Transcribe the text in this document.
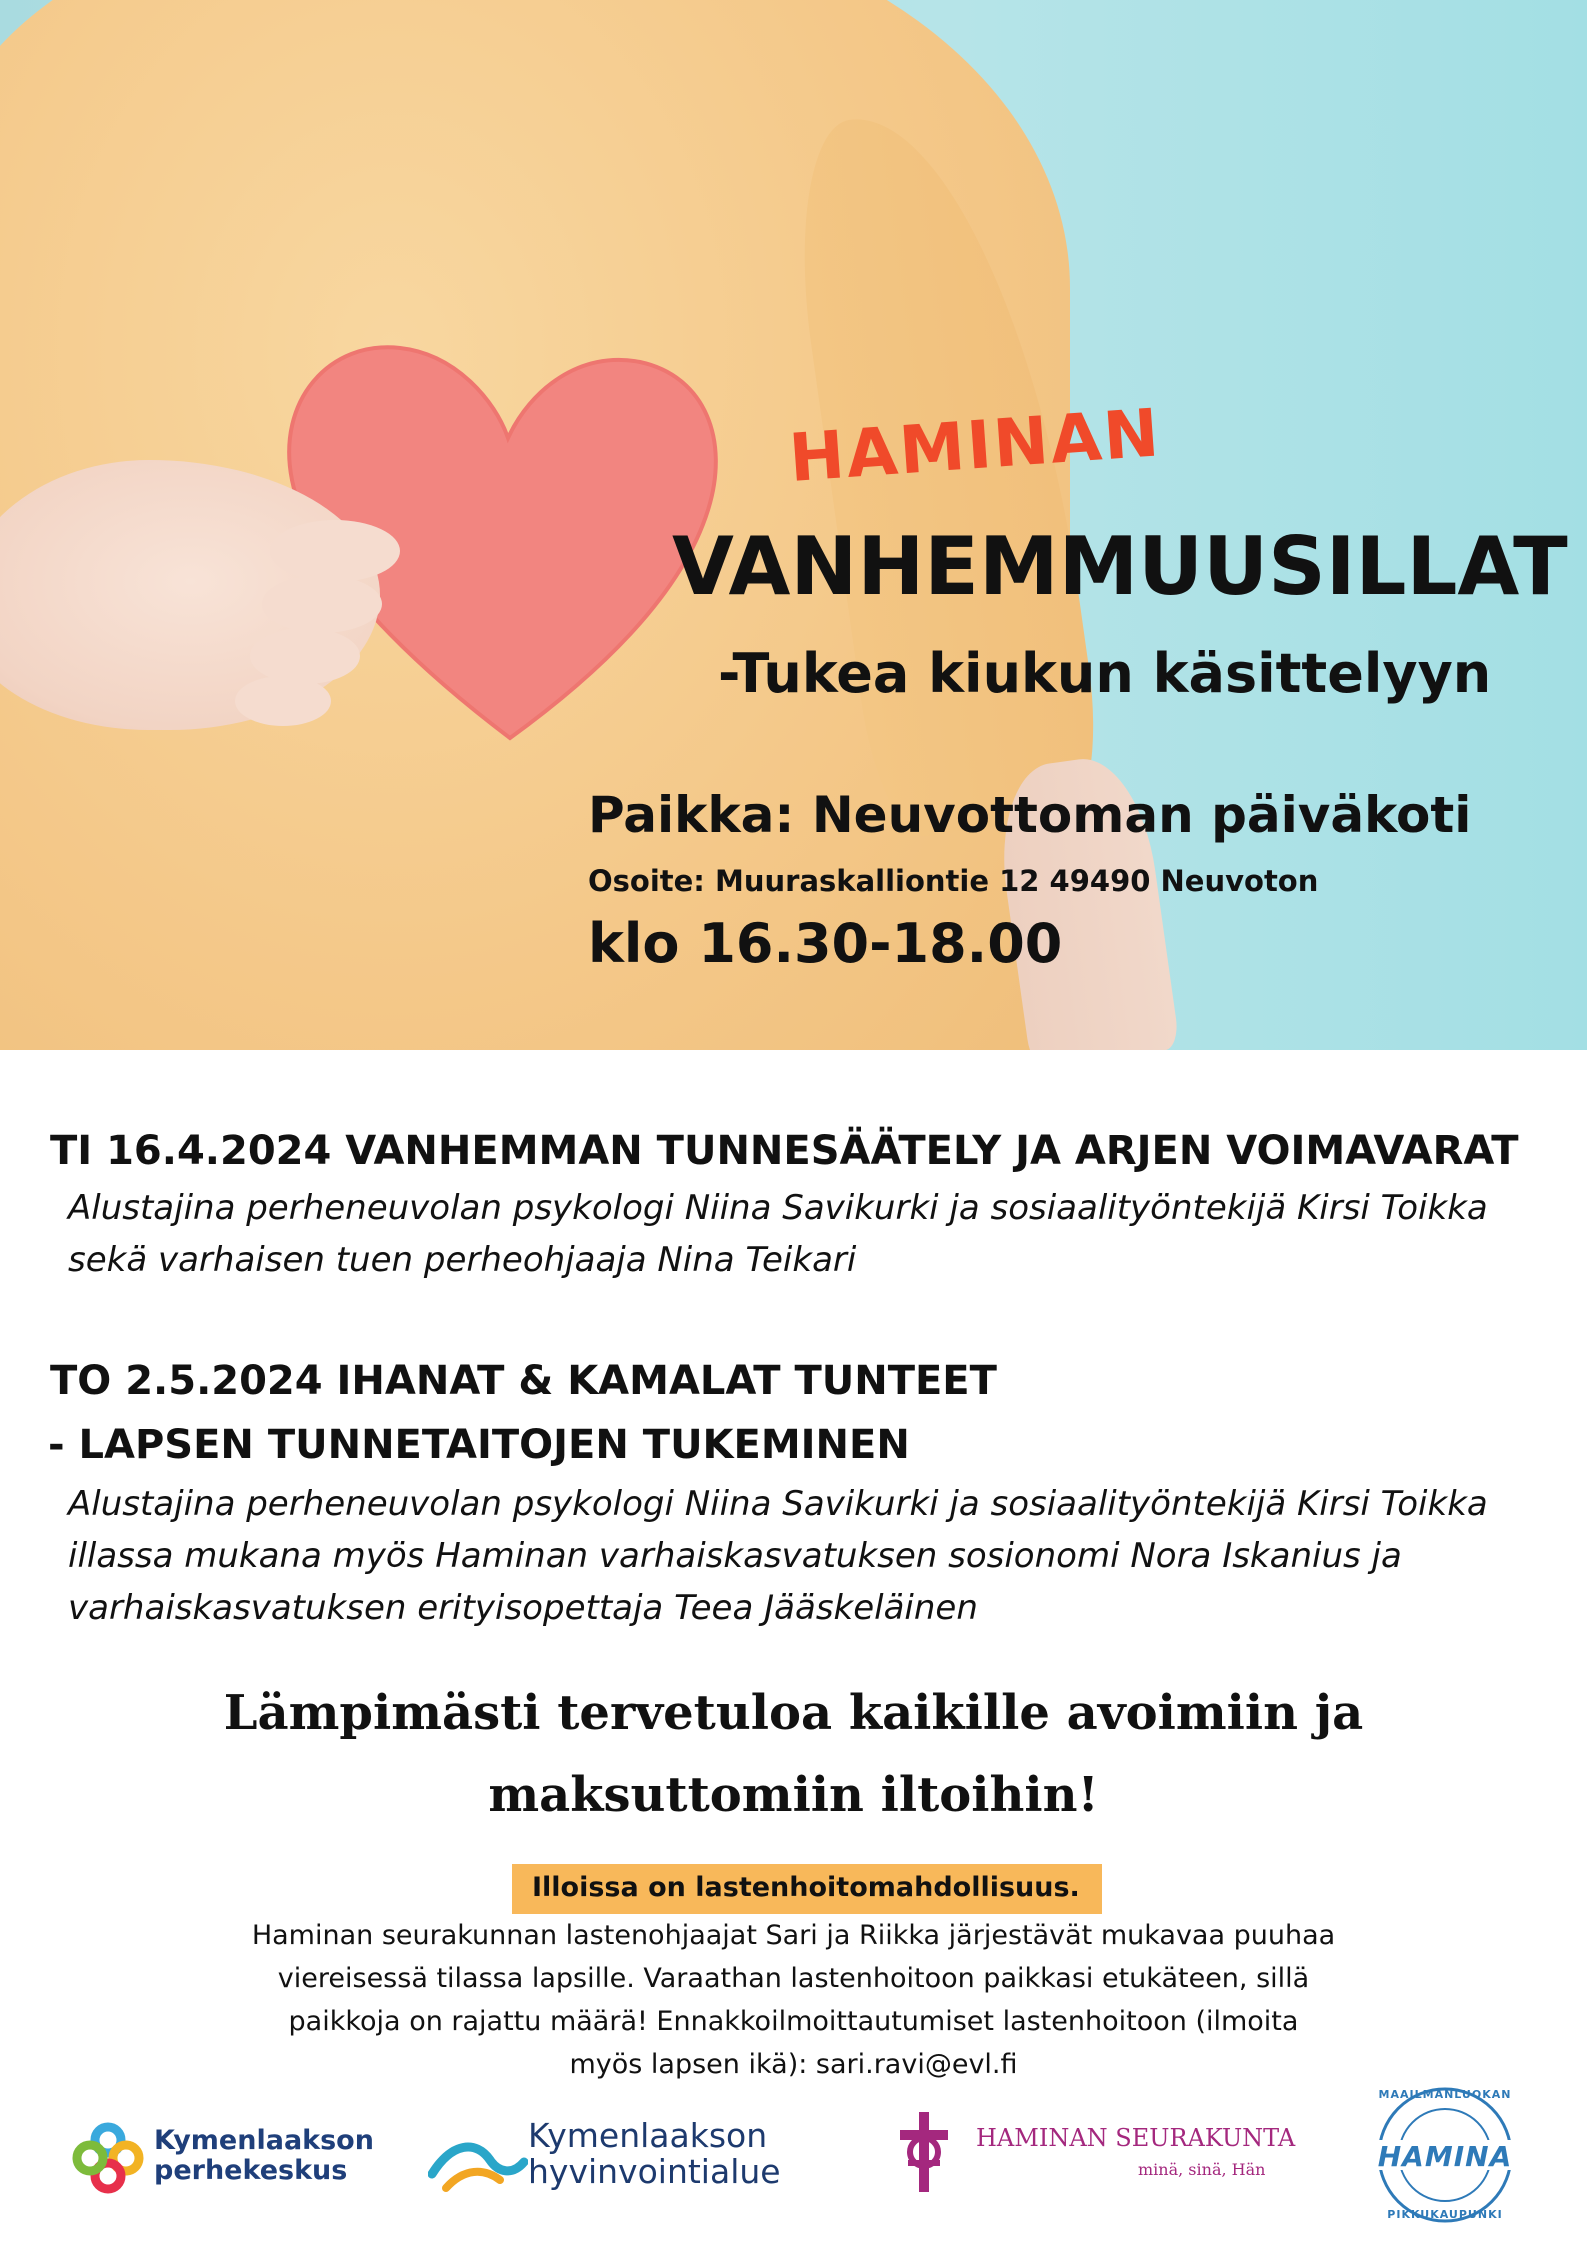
HAMINAN
VANHEMMUUSILLAT
-Tukea kiukun käsittelyyn
Paikka: Neuvottoman päiväkoti
Osoite: Muuraskalliontie 12 49490 Neuvoton
klo 16.30-18.00
TI 16.4.2024 VANHEMMAN TUNNESÄÄTELY JA ARJEN VOIMAVARAT
Alustajina perheneuvolan psykologi Niina Savikurki ja sosiaalityöntekijä Kirsi Toikka
sekä varhaisen tuen perheohjaaja Nina Teikari
TO 2.5.2024 IHANAT & KAMALAT TUNTEET
- LAPSEN TUNNETAITOJEN TUKEMINEN
Alustajina perheneuvolan psykologi Niina Savikurki ja sosiaalityöntekijä Kirsi Toikka
illassa mukana myös Haminan varhaiskasvatuksen sosionomi Nora Iskanius ja
varhaiskasvatuksen erityisopettaja Teea Jääskeläinen
Lämpimästi tervetuloa kaikille avoimiin ja
maksuttomiin iltoihin!
Illoissa on lastenhoitomahdollisuus.
Haminan seurakunnan lastenohjaajat Sari ja Riikka järjestävät mukavaa puuhaa
viereisessä tilassa lapsille. Varaathan lastenhoitoon paikkasi etukäteen, sillä
paikkoja on rajattu määrä! Ennakkoilmoittautumiset lastenhoitoon (ilmoita
myös lapsen ikä): sari.ravi@evl.fi
Kymenlaakson
perhekeskus
Kymenlaakson
hyvinvointialue
HAMINAN SEURAKUNTA
minä, sinä, Hän
MAAILMANLUOKAN
HAMINA
PIKKUKAUPUNKI
